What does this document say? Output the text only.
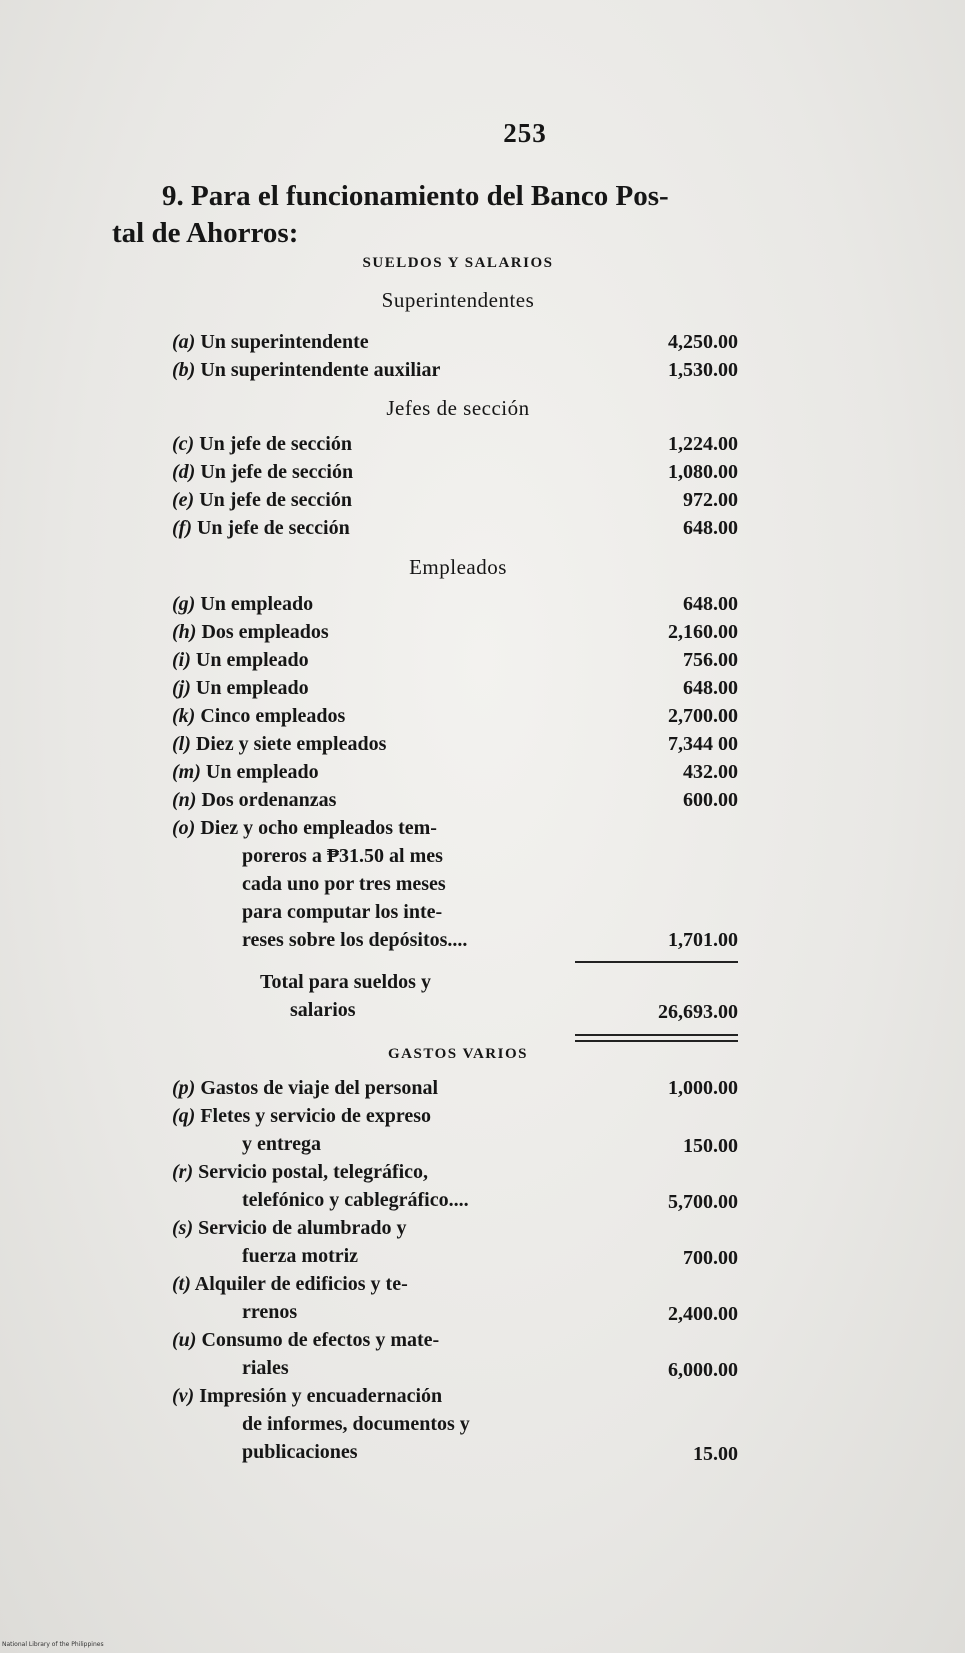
253
9. Para el funcionamiento del Banco Pos-
tal de Ahorros:
SUELDOS Y SALARIOS
Superintendentes
(a) Un superintendente	4,250.00
(b) Un superintendente auxiliar	1,530.00
Jefes de sección
(c) Un jefe de sección	1,224.00
(d) Un jefe de sección	1,080.00
(e) Un jefe de sección	972.00
(f) Un jefe de sección	648.00
Empleados
(g) Un empleado	648.00
(h) Dos empleados	2,160.00
(i) Un empleado	756.00
(j) Un empleado	648.00
(k) Cinco empleados	2,700.00
(l) Diez y siete empleados	7,344 00
(m) Un empleado	432.00
(n) Dos ordenanzas	600.00
(o) Diez y ocho empleados tem-
poreros a ₱31.50 al mes
cada uno por tres meses
para computar los inte-
reses sobre los depósitos....	1,701.00
Total para sueldos y
salarios	26,693.00
GASTOS VARIOS
(p) Gastos de viaje del personal	1,000.00
(q) Fletes y servicio de expreso
y entrega	150.00
(r) Servicio postal, telegráfico,
telefónico y cablegráfico....	5,700.00
(s) Servicio de alumbrado y
fuerza motriz	700.00
(t) Alquiler de edificios y te-
rrenos	2,400.00
(u) Consumo de efectos y mate-
riales	6,000.00
(v) Impresión y encuadernación
de informes, documentos y
publicaciones	15.00
National Library of the Philippines
